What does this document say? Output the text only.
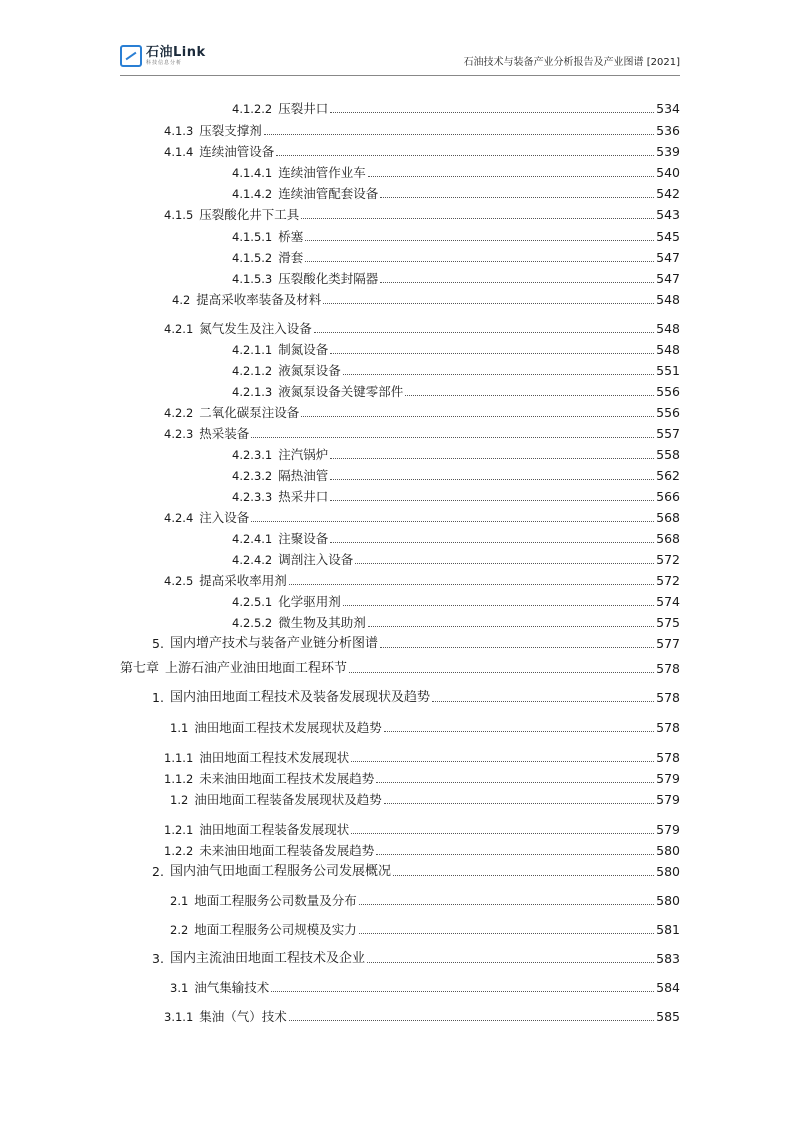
石油Link
科技信息分析	石油技术与装备产业分析报告及产业图谱 [2021]
4.1.2.2 压裂井口	534
4.1.3 压裂支撑剂	536
4.1.4 连续油管设备	539
4.1.4.1 连续油管作业车	540
4.1.4.2 连续油管配套设备	542
4.1.5 压裂酸化井下工具	543
4.1.5.1 桥塞	545
4.1.5.2 滑套	547
4.1.5.3 压裂酸化类封隔器	547
4.2 提高采收率装备及材料	548
4.2.1 氮气发生及注入设备	548
4.2.1.1 制氮设备	548
4.2.1.2 液氮泵设备	551
4.2.1.3 液氮泵设备关键零部件	556
4.2.2 二氧化碳泵注设备	556
4.2.3 热采装备	557
4.2.3.1 注汽锅炉	558
4.2.3.2 隔热油管	562
4.2.3.3 热采井口	566
4.2.4 注入设备	568
4.2.4.1 注聚设备	568
4.2.4.2 调剖注入设备	572
4.2.5 提高采收率用剂	572
4.2.5.1 化学驱用剂	574
4.2.5.2 微生物及其助剂	575
5. 国内增产技术与装备产业链分析图谱	577
第七章 上游石油产业油田地面工程环节	578
1. 国内油田地面工程技术及装备发展现状及趋势	578
1.1 油田地面工程技术发展现状及趋势	578
1.1.1 油田地面工程技术发展现状	578
1.1.2 未来油田地面工程技术发展趋势	579
1.2 油田地面工程装备发展现状及趋势	579
1.2.1 油田地面工程装备发展现状	579
1.2.2 未来油田地面工程装备发展趋势	580
2. 国内油气田地面工程服务公司发展概况	580
2.1 地面工程服务公司数量及分布	580
2.2 地面工程服务公司规模及实力	581
3. 国内主流油田地面工程技术及企业	583
3.1 油气集输技术	584
3.1.1 集油（气）技术	585
